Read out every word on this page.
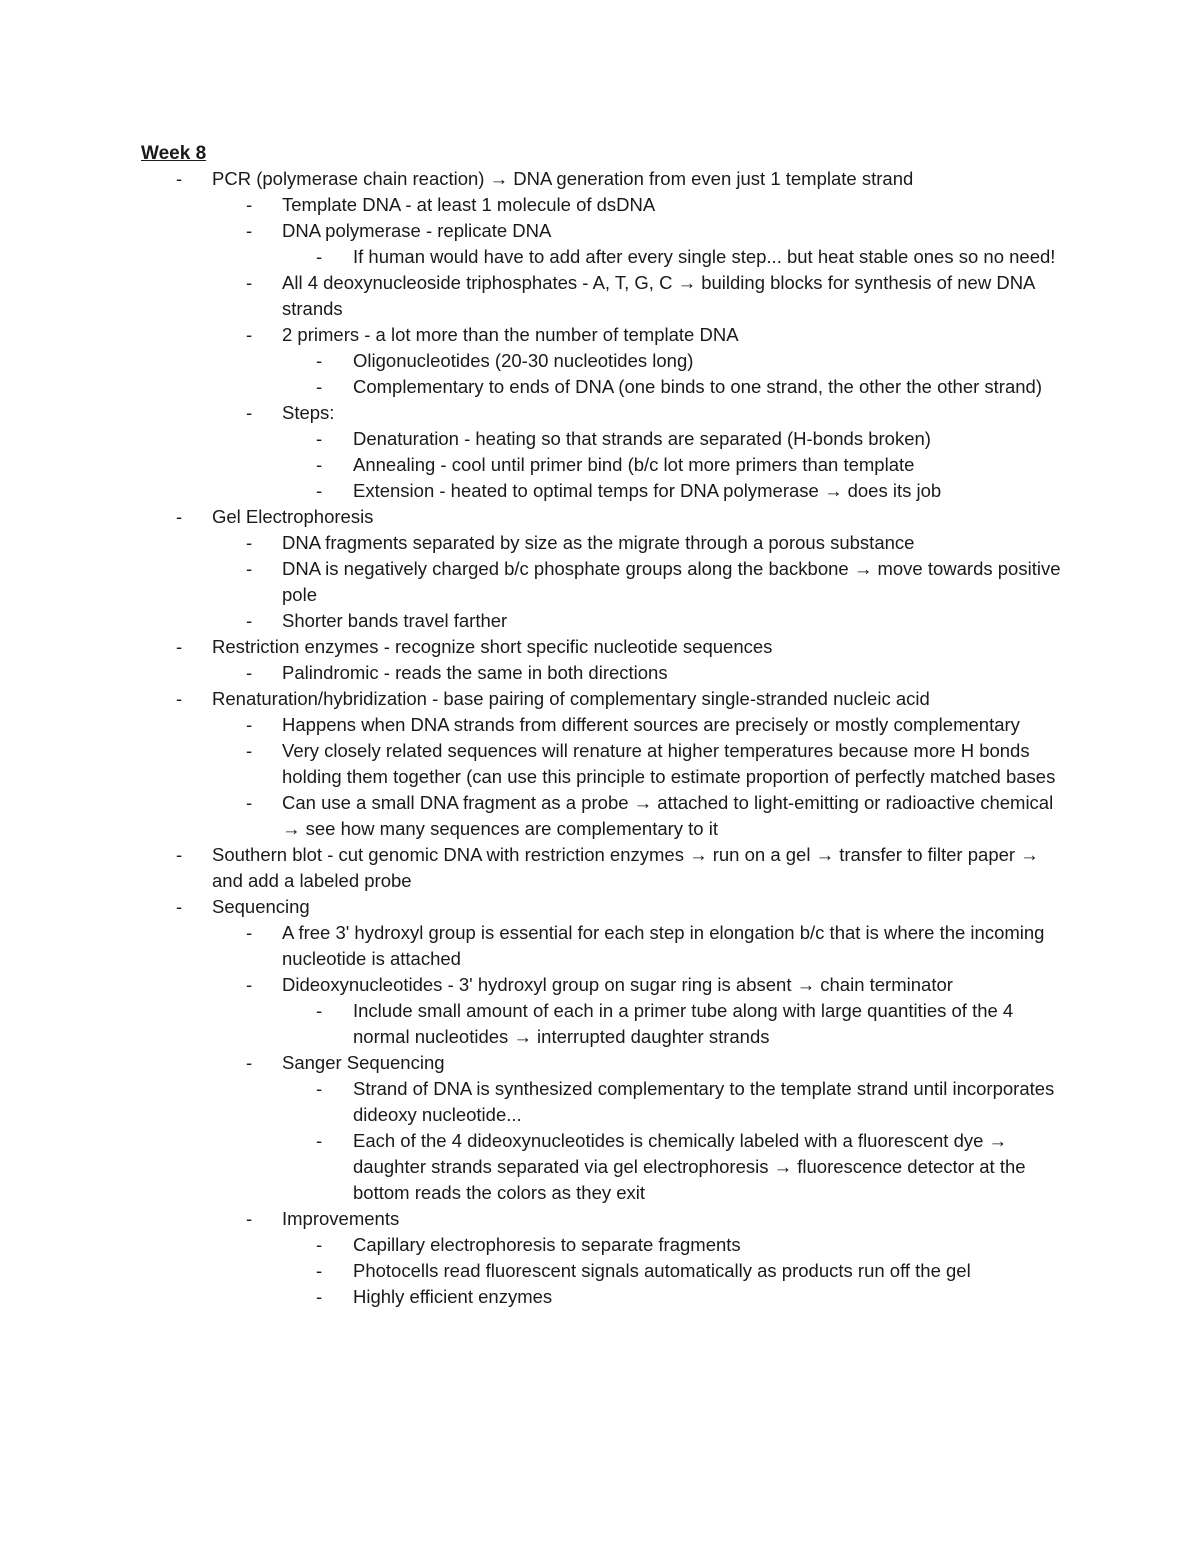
Week 8
- PCR (polymerase chain reaction) → DNA generation from even just 1 template strand
- Template DNA - at least 1 molecule of dsDNA
- DNA polymerase - replicate DNA
- If human would have to add after every single step... but heat stable ones so no need!
- All 4 deoxynucleoside triphosphates - A, T, G, C → building blocks for synthesis of new DNA strands
- 2 primers - a lot more than the number of template DNA
- Oligonucleotides (20-30 nucleotides long)
- Complementary to ends of DNA (one binds to one strand, the other the other strand)
- Steps:
- Denaturation - heating so that strands are separated (H-bonds broken)
- Annealing - cool until primer bind (b/c lot more primers than template
- Extension - heated to optimal temps for DNA polymerase → does its job
- Gel Electrophoresis
- DNA fragments separated by size as the migrate through a porous substance
- DNA is negatively charged b/c phosphate groups along the backbone → move towards positive pole
- Shorter bands travel farther
- Restriction enzymes - recognize short specific nucleotide sequences
- Palindromic - reads the same in both directions
- Renaturation/hybridization - base pairing of complementary single-stranded nucleic acid
- Happens when DNA strands from different sources are precisely or mostly complementary
- Very closely related sequences will renature at higher temperatures because more H bonds holding them together (can use this principle to estimate proportion of perfectly matched bases
- Can use a small DNA fragment as a probe → attached to light-emitting or radioactive chemical → see how many sequences are complementary to it
- Southern blot - cut genomic DNA with restriction enzymes → run on a gel → transfer to filter paper → and add a labeled probe
- Sequencing
- A free 3' hydroxyl group is essential for each step in elongation b/c that is where the incoming nucleotide is attached
- Dideoxynucleotides - 3' hydroxyl group on sugar ring is absent → chain terminator
- Include small amount of each in a primer tube along with large quantities of the 4 normal nucleotides → interrupted daughter strands
- Sanger Sequencing
- Strand of DNA is synthesized complementary to the template strand until incorporates dideoxy nucleotide...
- Each of the 4 dideoxynucleotides is chemically labeled with a fluorescent dye → daughter strands separated via gel electrophoresis → fluorescence detector at the bottom reads the colors as they exit
- Improvements
- Capillary electrophoresis to separate fragments
- Photocells read fluorescent signals automatically as products run off the gel
- Highly efficient enzymes
